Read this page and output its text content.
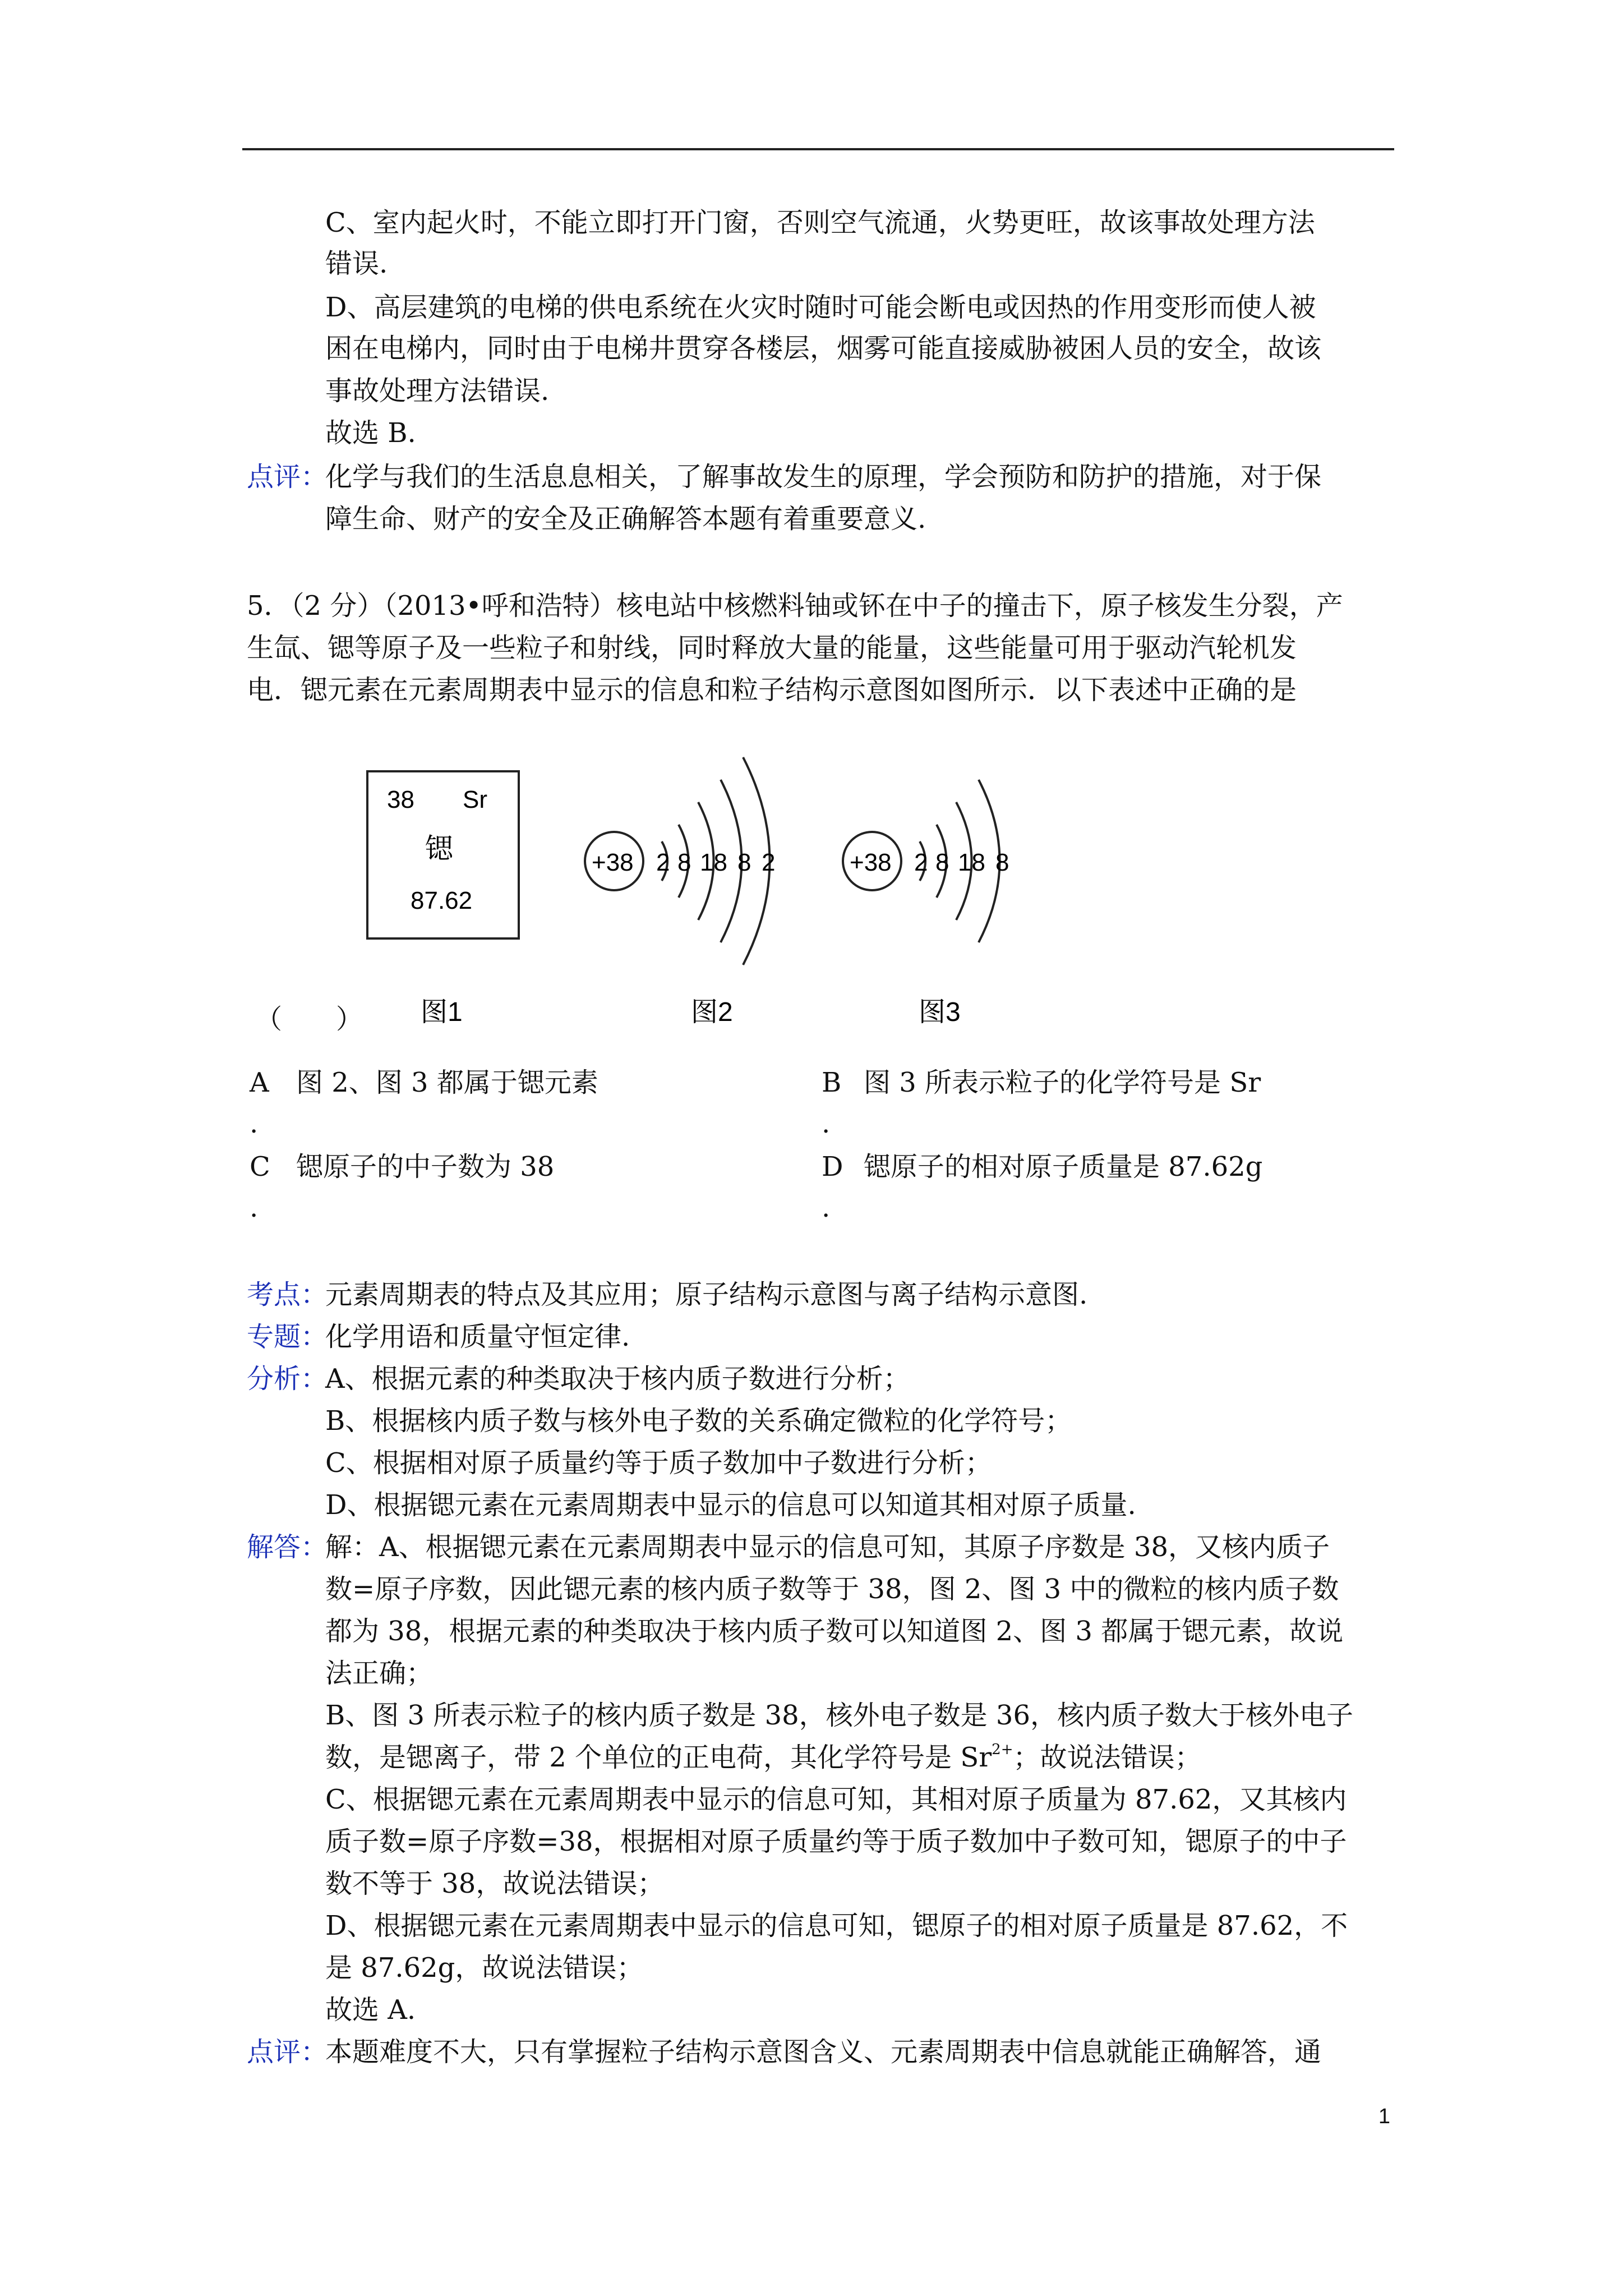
C、室内起火时，不能立即打开门窗，否则空气流通，火势更旺，故该事故处理方法
错误.
D、高层建筑的电梯的供电系统在火灾时随时可能会断电或因热的作用变形而使人被
困在电梯内，同时由于电梯井贯穿各楼层，烟雾可能直接威胁被困人员的安全，故该
事故处理方法错误.
故选 B.
点评：
化学与我们的生活息息相关，了解事故发生的原理，学会预防和防护的措施，对于保
障生命、财产的安全及正确解答本题有着重要意义.
5．（2 分）（2013•呼和浩特）核电站中核燃料铀或钚在中子的撞击下，原子核发生分裂，产
生氙、锶等原子及一些粒子和射线，同时释放大量的能量，这些能量可用于驱动汽轮机发
电．锶元素在元素周期表中显示的信息和粒子结构示意图如图所示．以下表述中正确的是
38 Sr
锶
87.62
图1
+38 2 8 18 8 2
图2
+38 2 8 18 8
图3
（　　）
A 图 2、图 3 都属于锶元素
.
B 图 3 所表示粒子的化学符号是 Sr
.
C 锶原子的中子数为 38
.
D 锶原子的相对原子质量是 87.62g
.
考点：
元素周期表的特点及其应用；原子结构示意图与离子结构示意图.
专题：
化学用语和质量守恒定律.
分析：
A、根据元素的种类取决于核内质子数进行分析；
B、根据核内质子数与核外电子数的关系确定微粒的化学符号；
C、根据相对原子质量约等于质子数加中子数进行分析；
D、根据锶元素在元素周期表中显示的信息可以知道其相对原子质量.
解答：
解：A、根据锶元素在元素周期表中显示的信息可知，其原子序数是 38，又核内质子
数=原子序数，因此锶元素的核内质子数等于 38，图 2、图 3 中的微粒的核内质子数
都为 38，根据元素的种类取决于核内质子数可以知道图 2、图 3 都属于锶元素，故说
法正确；
B、图 3 所表示粒子的核内质子数是 38，核外电子数是 36，核内质子数大于核外电子
数，是锶离子，带 2 个单位的正电荷，其化学符号是 $Sr^{2+}$；故说法错误；
C、根据锶元素在元素周期表中显示的信息可知，其相对原子质量为 87.62，又其核内
质子数=原子序数=38，根据相对原子质量约等于质子数加中子数可知，锶原子的中子
数不等于 38，故说法错误；
D、根据锶元素在元素周期表中显示的信息可知，锶原子的相对原子质量是 87.62，不
是 87.62g，故说法错误；
故选 A.
点评：
本题难度不大，只有掌握粒子结构示意图含义、元素周期表中信息就能正确解答，通
1
